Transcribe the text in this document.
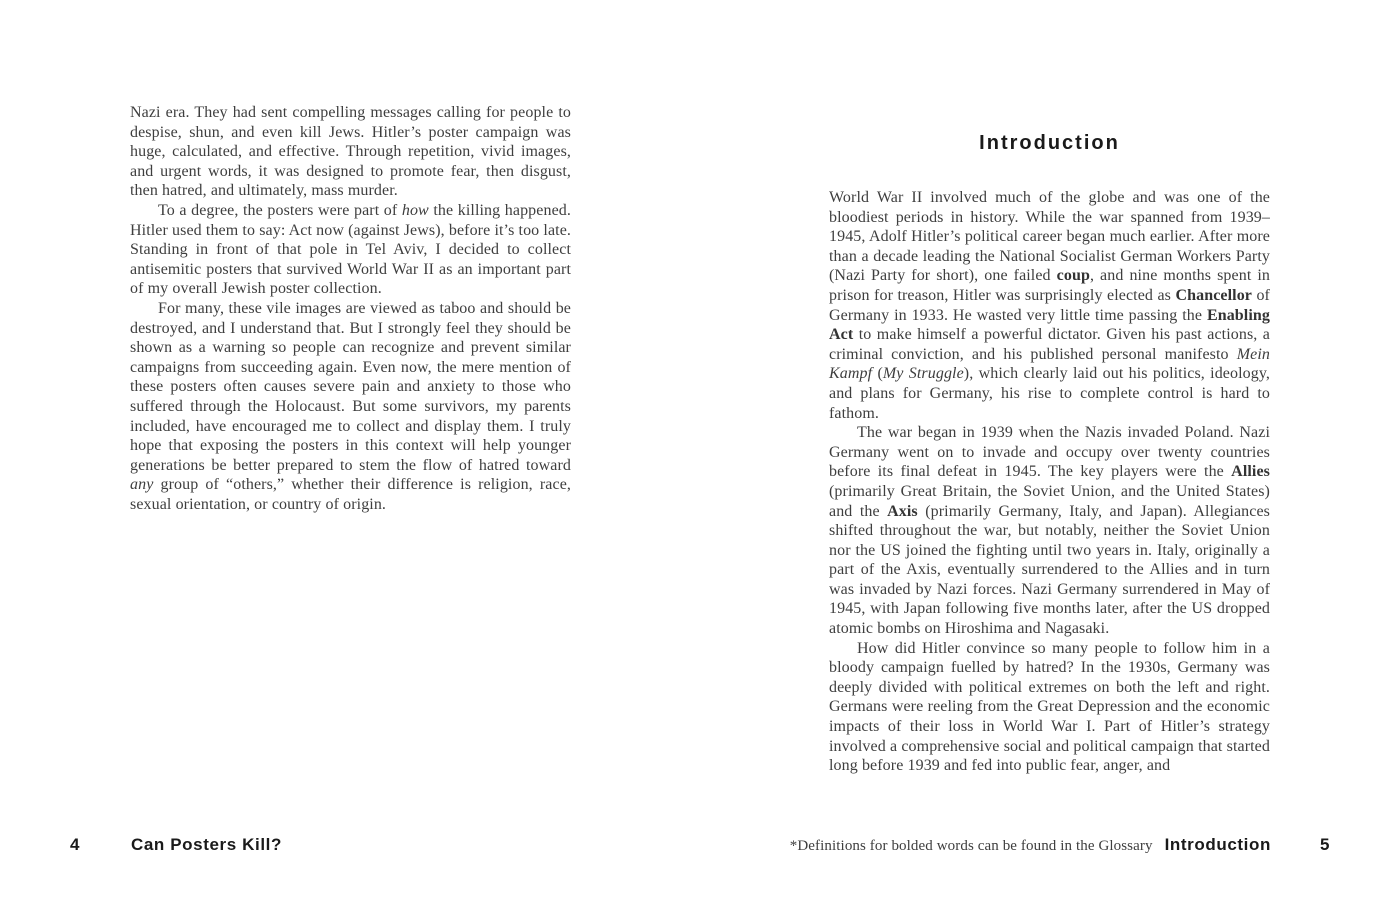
Nazi era. They had sent compelling messages calling for people to despise, shun, and even kill Jews. Hitler’s poster campaign was huge, calculated, and effective. Through repetition, vivid images, and urgent words, it was designed to promote fear, then disgust, then hatred, and ultimately, mass murder.

To a degree, the posters were part of how the killing happened. Hitler used them to say: Act now (against Jews), before it’s too late. Standing in front of that pole in Tel Aviv, I decided to collect antisemitic posters that survived World War II as an important part of my overall Jewish poster collection.

For many, these vile images are viewed as taboo and should be destroyed, and I understand that. But I strongly feel they should be shown as a warning so people can recognize and prevent similar campaigns from succeeding again. Even now, the mere mention of these posters often causes severe pain and anxiety to those who suffered through the Holocaust. But some survivors, my parents included, have encouraged me to collect and display them. I truly hope that exposing the posters in this context will help younger generations be better prepared to stem the flow of hatred toward any group of “others,” whether their difference is religion, race, sexual orientation, or country of origin.

4	Can Posters Kill?
Introduction

World War II involved much of the globe and was one of the bloodiest periods in history. While the war spanned from 1939–1945, Adolf Hitler’s political career began much earlier. After more than a decade leading the National Socialist German Workers Party (Nazi Party for short), one failed coup, and nine months spent in prison for treason, Hitler was surprisingly elected as Chancellor of Germany in 1933. He wasted very little time passing the Enabling Act to make himself a powerful dictator. Given his past actions, a criminal conviction, and his published personal manifesto Mein Kampf (My Struggle), which clearly laid out his politics, ideology, and plans for Germany, his rise to complete control is hard to fathom.

The war began in 1939 when the Nazis invaded Poland. Nazi Germany went on to invade and occupy over twenty countries before its final defeat in 1945. The key players were the Allies (primarily Great Britain, the Soviet Union, and the United States) and the Axis (primarily Germany, Italy, and Japan). Allegiances shifted throughout the war, but notably, neither the Soviet Union nor the US joined the fighting until two years in. Italy, originally a part of the Axis, eventually surrendered to the Allies and in turn was invaded by Nazi forces. Nazi Germany surrendered in May of 1945, with Japan following five months later, after the US dropped atomic bombs on Hiroshima and Nagasaki.

How did Hitler convince so many people to follow him in a bloody campaign fuelled by hatred? In the 1930s, Germany was deeply divided with political extremes on both the left and right. Germans were reeling from the Great Depression and the economic impacts of their loss in World War I. Part of Hitler’s strategy involved a comprehensive social and political campaign that started long before 1939 and fed into public fear, anger, and

*Definitions for bolded words can be found in the Glossary Introduction	5
